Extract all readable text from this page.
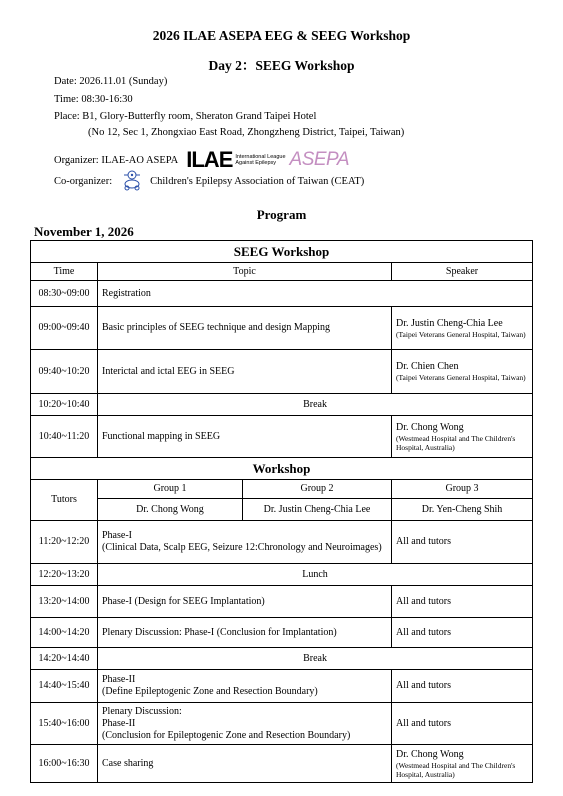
2026 ILAE ASEPA EEG & SEEG Workshop
Day 2：SEEG Workshop
Date: 2026.11.01 (Sunday)
Time: 08:30-16:30
Place: B1, Glory-Butterfly room, Sheraton Grand Taipei Hotel
(No 12, Sec 1, Zhongxiao East Road, Zhongzheng District, Taipei, Taiwan)
Organizer: ILAE-AO ASEPA ILAE International League
Against Epilepsy ASEPA
Co-organizer:	Children's Epilepsy Association of Taiwan (CEAT)
Program
November 1, 2026
SEEG Workshop			
Time	Topic		Speaker
08:30~09:00	Registration		
09:00~09:40	Basic principles of SEEG technique and design Mapping		Dr. Justin Cheng-Chia Lee
(Taipei Veterans General Hospital, Taiwan)

09:40~10:20	Interictal and ictal EEG in SEEG		Dr. Chien Chen
(Taipei Veterans General Hospital, Taiwan)

10:20~10:40	Break		
10:40~11:20	Functional mapping in SEEG		Dr. Chong Wong
(Westmead Hospital and The Children's Hospital, Australia)

Workshop			
Tutors	Group 1	Group 2	Group 3
	Dr. Chong Wong	Dr. Justin Cheng-Chia Lee	Dr. Yen-Cheng Shih
11:20~12:20	Phase-I
(Clinical Data, Scalp EEG, Seizure 12:Chronology and Neuroimages)		All and tutors
12:20~13:20	Lunch		
13:20~14:00	Phase-I (Design for SEEG Implantation)		All and tutors
14:00~14:20	Plenary Discussion: Phase-I (Conclusion for Implantation)		All and tutors
14:20~14:40	Break		
14:40~15:40	Phase-II
(Define Epileptogenic Zone and Resection Boundary)		All and tutors
15:40~16:00	Plenary Discussion:
Phase-II
(Conclusion for Epileptogenic Zone and Resection Boundary)		All and tutors
16:00~16:30	Case sharing		Dr. Chong Wong
(Westmead Hospital and The Children's Hospital, Australia)
